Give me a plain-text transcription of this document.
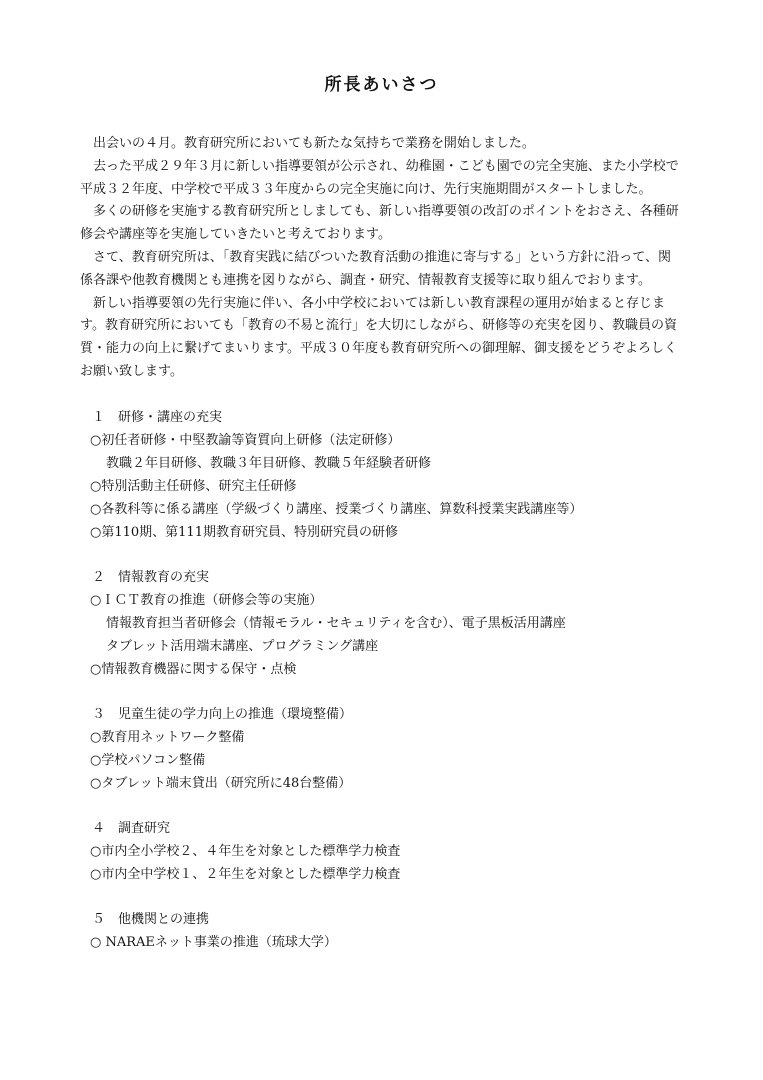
所長あいさつ

出会いの４月。教育研究所においても新たな気持ちで業務を開始しました。

去った平成２９年３月に新しい指導要領が公示され、幼稚園・こども園での完全実施、また小学校で平成３２年度、中学校で平成３３年度からの完全実施に向け、先行実施期間がスタートしました。

多くの研修を実施する教育研究所としましても、新しい指導要領の改訂のポイントをおさえ、各種研修会や講座等を実施していきたいと考えております。

さて、教育研究所は、「教育実践に結びついた教育活動の推進に寄与する」という方針に沿って、関係各課や他教育機関とも連携を図りながら、調査・研究、情報教育支援等に取り組んでおります。

新しい指導要領の先行実施に伴い、各小中学校においては新しい教育課程の運用が始まると存じます。教育研究所においても「教育の不易と流行」を大切にしながら、研修等の充実を図り、教職員の資質・能力の向上に繋げてまいります。平成３０年度も教育研究所への御理解、御支援をどうぞよろしくお願い致します。

１　研修・講座の充実

○初任者研修・中堅教諭等資質向上研修（法定研修）

教職２年目研修、教職３年目研修、教職５年経験者研修

○特別活動主任研修、研究主任研修

○各教科等に係る講座（学級づくり講座、授業づくり講座、算数科授業実践講座等）

○第110期、第111期教育研究員、特別研究員の研修

２　情報教育の充実

○ＩＣＴ教育の推進（研修会等の実施）

情報教育担当者研修会（情報モラル・セキュリティを含む）、電子黒板活用講座

タブレット活用端末講座、プログラミング講座

○情報教育機器に関する保守・点検

３　児童生徒の学力向上の推進（環境整備）

○教育用ネットワーク整備

○学校パソコン整備

○タブレット端末貸出（研究所に48台整備）

４　調査研究

○市内全小学校２、４年生を対象とした標準学力検査

○市内全中学校１、２年生を対象とした標準学力検査

５　他機関との連携

○ NARAEネット事業の推進（琉球大学）
